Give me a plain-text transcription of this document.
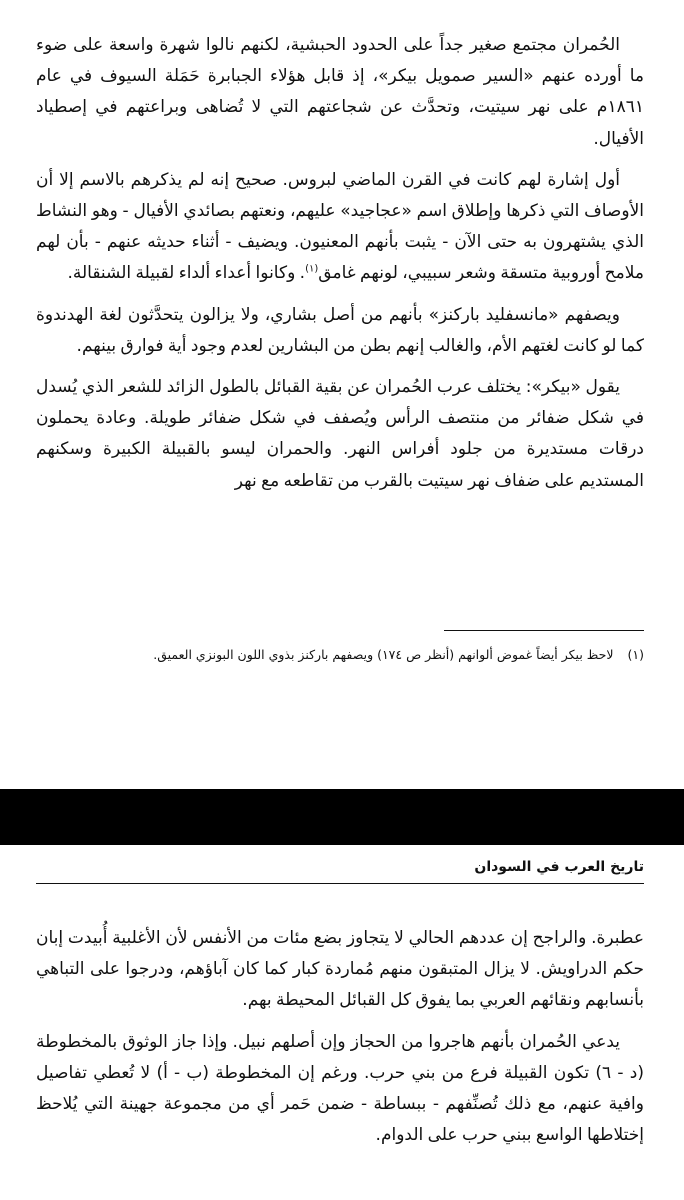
الحُمران مجتمع صغير جداً على الحدود الحبشية، لكنهم نالوا شهرة واسعة على ضوء ما أورده عنهم «السير صمويل بيكر»، إذ قابل هؤلاء الجبابرة حَمَلة السيوف في عام ١٨٦١م على نهر سيتيت، وتحدَّث عن شجاعتهم التي لا تُضاهى وبراعتهم في إصطياد الأفيال.

أول إشارة لهم كانت في القرن الماضي لبروس. صحيح إنه لم يذكرهم بالاسم إلا أن الأوصاف التي ذكرها وإطلاق اسم «عجاجيد» عليهم، ونعتهم بصائدي الأفيال - وهو النشاط الذي يشتهرون به حتى الآن - يثبت بأنهم المعنيون. ويضيف - أثناء حديثه عنهم - بأن لهم ملامح أوروبية متسقة وشعر سبيبي، لونهم غامق$^{(١)}$. وكانوا أعداء ألداء لقبيلة الشنقالة.

ويصفهم «مانسفليد باركنز» بأنهم من أصل بشاري، ولا يزالون يتحدَّثون لغة الهدندوة كما لو كانت لغتهم الأم، والغالب إنهم بطن من البشارين لعدم وجود أية فوارق بينهم.

يقول «بيكر»: يختلف عرب الحُمران عن بقية القبائل بالطول الزائد للشعر الذي يُسدل في شكل ضفائر من منتصف الرأس ويُصفف في شكل ضفائر طويلة. وعادة يحملون درقات مستديرة من جلود أفراس النهر. والحمران ليسو بالقبيلة الكبيرة وسكنهم المستديم على ضفاف نهر سيتيت بالقرب من تقاطعه مع نهر

(١)لاحظ بيكر أيضاً غموض ألوانهم (أنظر ص ١٧٤) ويصفهم باركنز بذوي اللون البونزي العميق.
تاريخ العرب في السودان

عطبرة. والراجح إن عددهم الحالي لا يتجاوز بضع مئات من الأنفس لأن الأغلبية أُبيدت إبان حكم الدراويش. لا يزال المتبقون منهم مُماردة كبار كما كان آباؤهم، ودرجوا على التباهي بأنسابهم ونقائهم العربي بما يفوق كل القبائل المحيطة بهم.

يدعي الحُمران بأنهم هاجروا من الحجاز وإن أصلهم نبيل. وإذا جاز الوثوق بالمخطوطة (د - ٦) تكون القبيلة فرع من بني حرب. ورغم إن المخطوطة (ب - أ) لا تُعطي تفاصيل وافية عنهم، مع ذلك تُصنِّفهم - ببساطة - ضمن حَمر أي من مجموعة جهينة التي يُلاحظ إختلاطها الواسع ببني حرب على الدوام.
